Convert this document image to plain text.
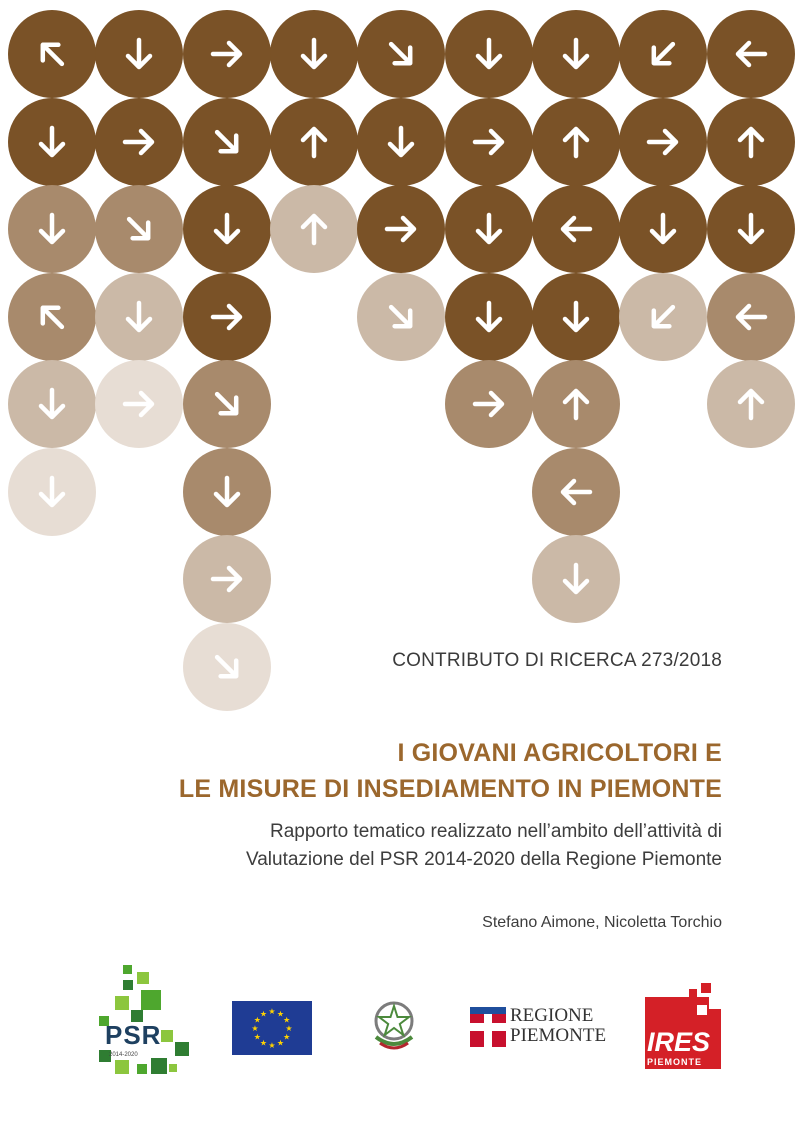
CONTRIBUTO DI RICERCA 273/2018
I GIOVANI AGRICOLTORI E
LE MISURE DI INSEDIAMENTO IN PIEMONTE
Rapporto tematico realizzato nell’ambito dell’attività di
Valutazione del PSR 2014-2020 della Regione Piemonte
Stefano Aimone, Nicoletta Torchio
PSR
2014-2020
★
★
★
★
★
★
★
★
★ ★ ★
★	REGIONE
PIEMONTE IRES
PIEMONTE
